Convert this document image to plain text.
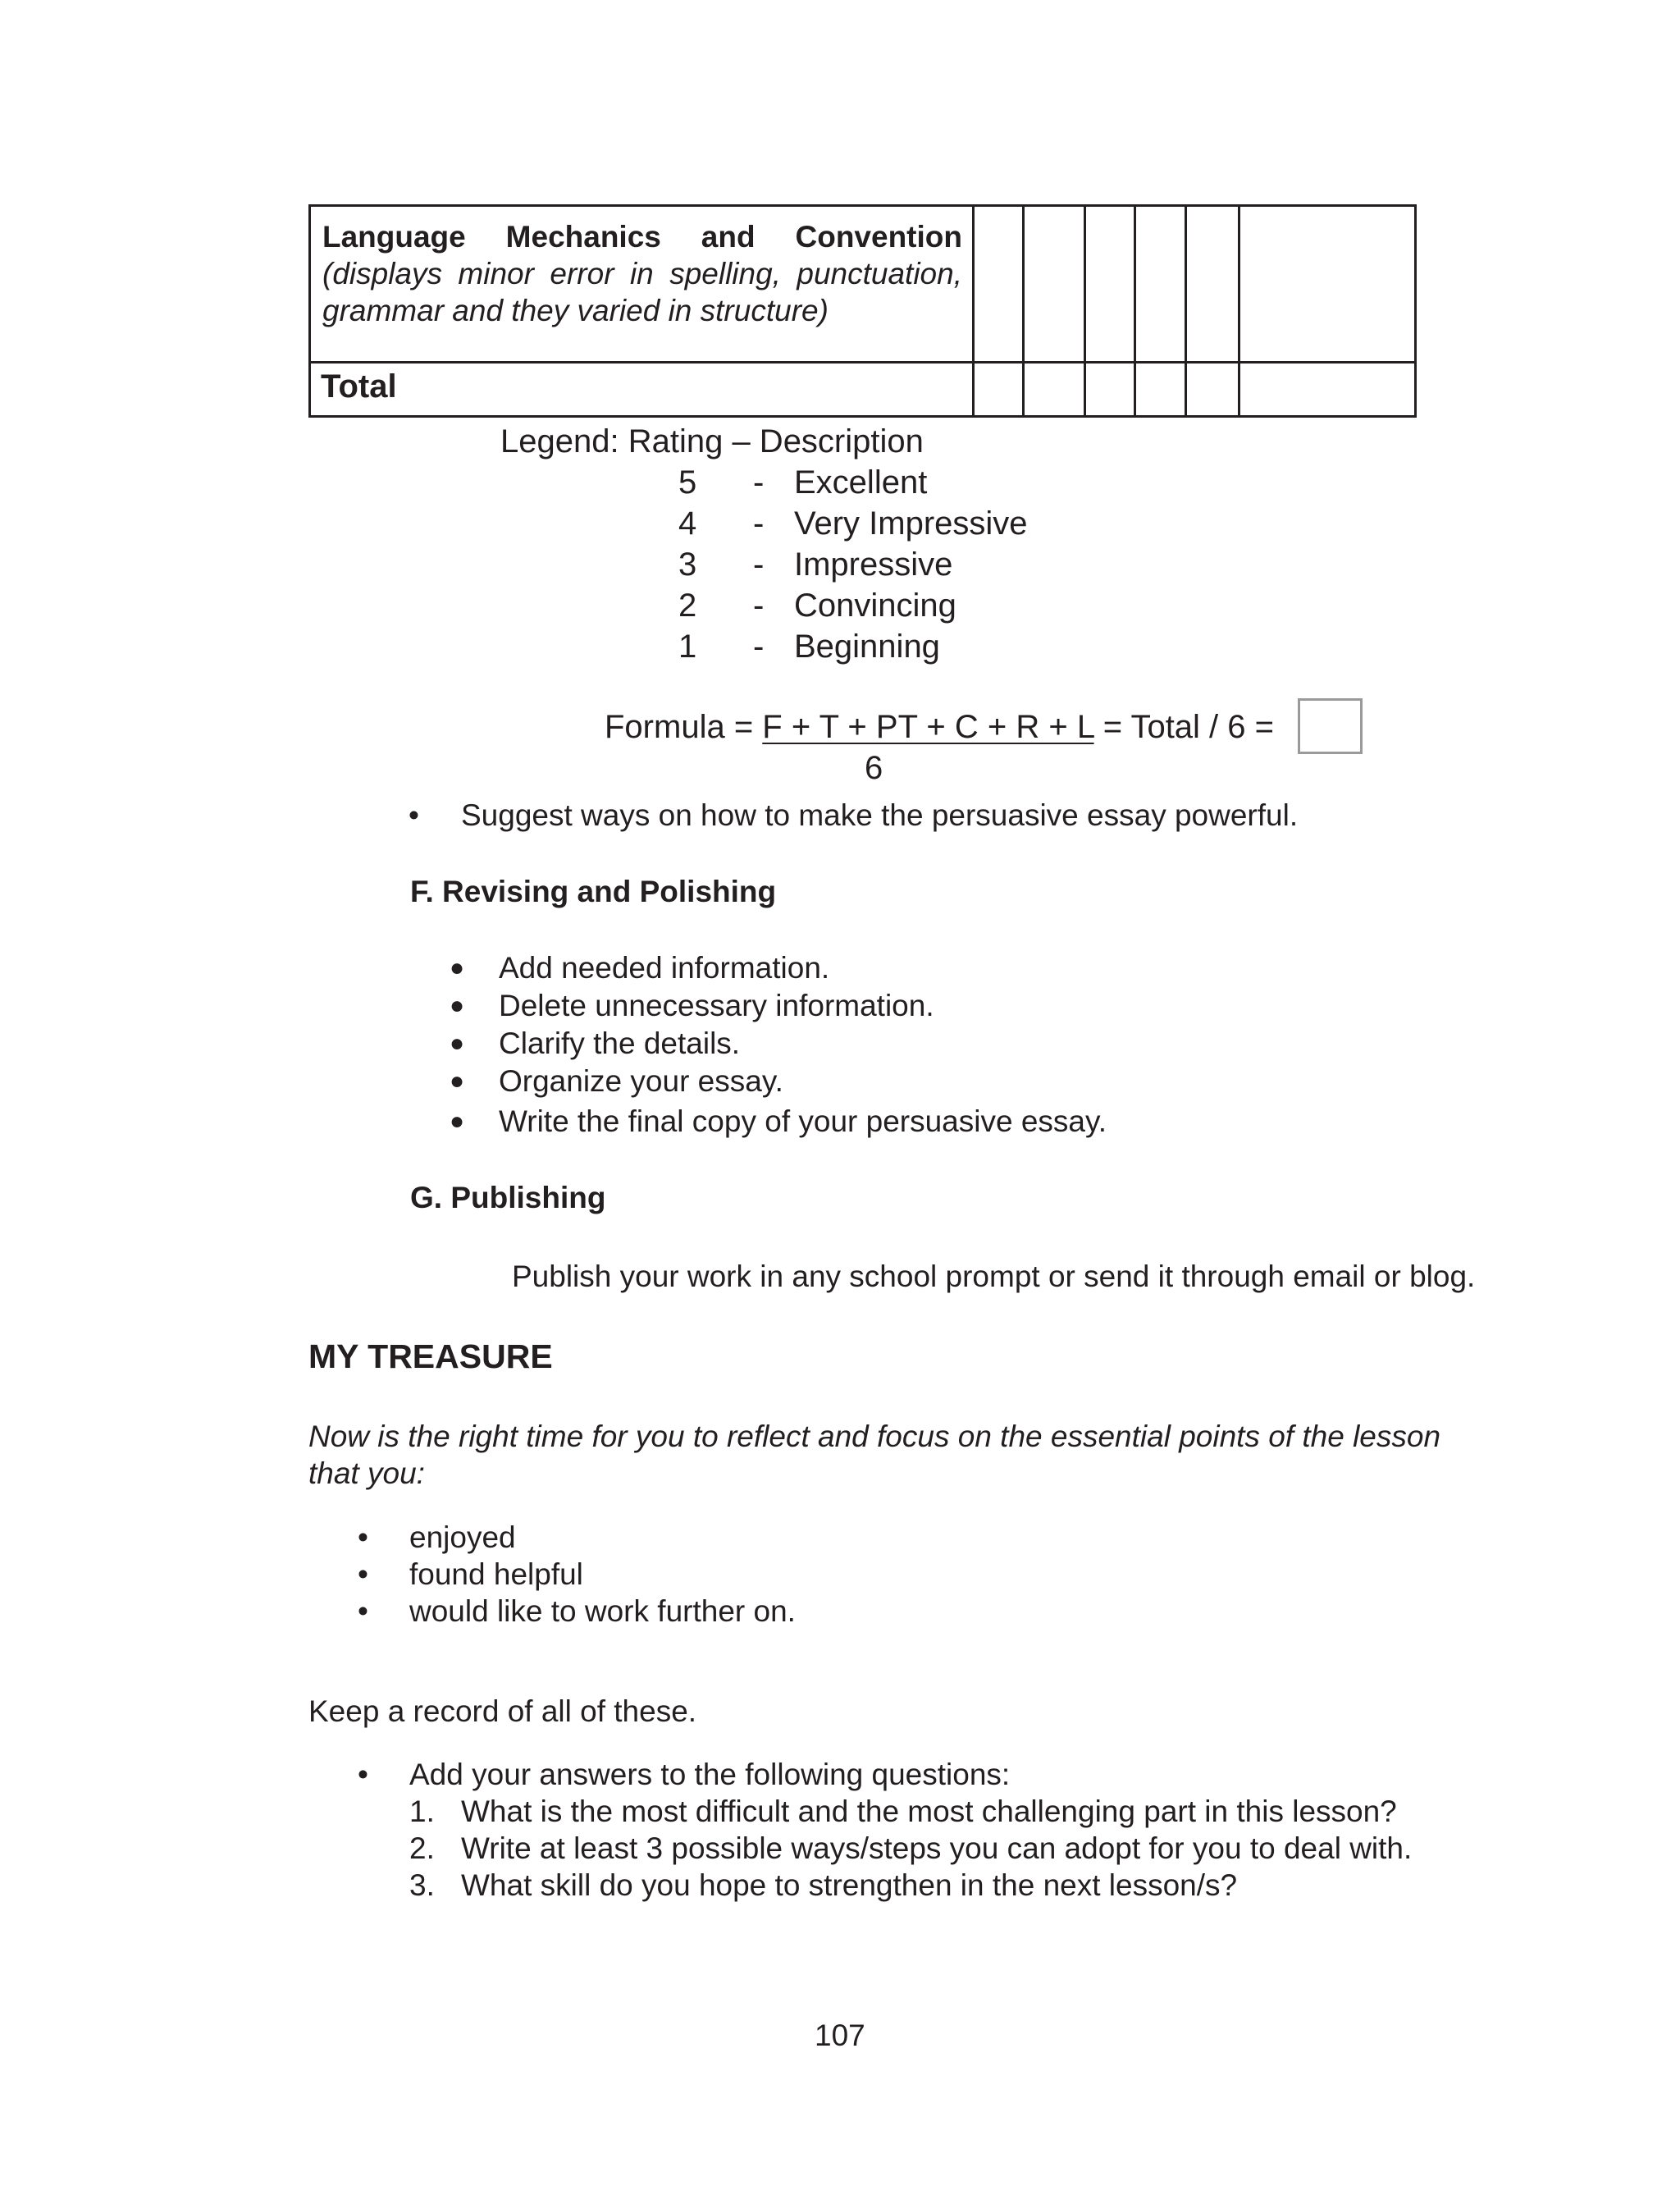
Language Mechanics and Convention
(displays minor error in spelling, punctuation, grammar and they varied in structure)						

Total						
Legend: Rating – Description
5 - Excellent
4 - Very Impressive
3 - Impressive
2 - Convincing
1 - Beginning
Formula = F + T + PT + C + R + L = Total / 6 =
6
• Suggest ways on how to make the persuasive essay powerful.
F. Revising and Polishing
● Add needed information.
● Delete unnecessary information.
● Clarify the details.
● Organize your essay.
● Write the final copy of your persuasive essay.
G. Publishing
Publish your work in any school prompt or send it through email or blog.
MY TREASURE
Now is the right time for you to reflect and focus on the essential points of the lesson
that you:
• enjoyed
• found helpful
• would like to work further on.
Keep a record of all of these.
• Add your answers to the following questions:
1. What is the most difficult and the most challenging part in this lesson?
2. Write at least 3 possible ways/steps you can adopt for you to deal with.
3. What skill do you hope to strengthen in the next lesson/s?
107
